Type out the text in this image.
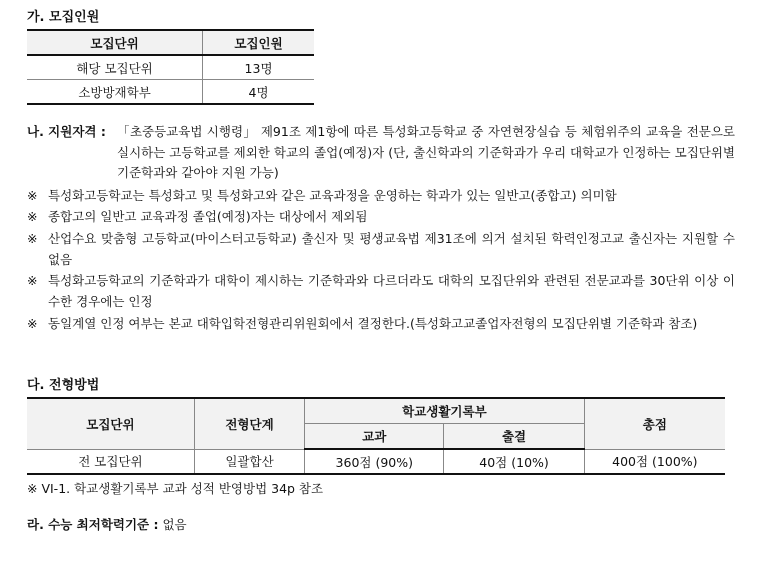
가. 모집인원
모집단위	모집인원
해당 모집단위	13명
소방방재학부	4명
나. 지원자격 : 「초중등교육법 시행령」 제91조 제1항에 따른 특성화고등학교 중 자연현장실습 등 체험위주의 교육을 전문으로 실시하는 고등학교를 제외한 학교의 졸업(예정)자 (단, 출신학과의 기준학과가 우리 대학교가 인정하는 모집단위별 기준학과와 같아야 지원 가능)
※ 특성화고등학교는 특성화고 및 특성화고와 같은 교육과정을 운영하는 학과가 있는 일반고(종합고) 의미함
※ 종합고의 일반고 교육과정 졸업(예정)자는 대상에서 제외됨
※ 산업수요 맞춤형 고등학교(마이스터고등학교) 출신자 및 평생교육법 제31조에 의거 설치된 학력인정고교 출신자는 지원할 수 없음
※ 특성화고등학교의 기준학과가 대학이 제시하는 기준학과와 다르더라도 대학의 모집단위와 관련된 전문교과를 30단위 이상 이수한 경우에는 인정
※ 동일계열 인정 여부는 본교 대학입학전형관리위원회에서 결정한다.(특성화고교졸업자전형의 모집단위별 기준학과 참조)
다. 전형방법
모집단위	전형단계	학교생활기록부		총점
		교과	출결	
전 모집단위	일괄합산	360점 (90%)	40점 (10%)	400점 (100%)
※ VI-1. 학교생활기록부 교과 성적 반영방법 34p 참조
라. 수능 최저학력기준 : 없음
